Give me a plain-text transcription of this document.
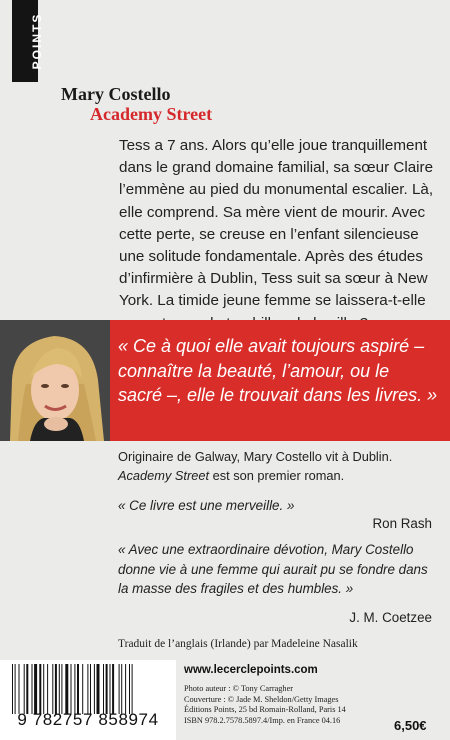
POINTS
Mary Costello
Academy Street

Tess a 7 ans. Alors qu’elle joue tranquillement dans le grand domaine familial, sa sœur Claire l’emmène au pied du monumental escalier. Là, elle comprend. Sa mère vient de mourir. Avec cette perte, se creuse en l’enfant silencieuse une solitude fondamentale. Après des études d’infirmière à Dublin, Tess suit sa sœur à New York. La timide jeune femme se laissera-t-elle

« Ce à quoi elle avait toujours aspiré – connaître la beauté, l’amour, ou le sacré –, elle le trouvait dans les livres. »

Originaire de Galway, Mary Costello vit à Dublin. Academy Street est son premier roman.

« Ce livre est une merveille. »

Ron Rash

« Avec une extraordinaire dévotion, Mary Costello donne vie à une femme qui aurait pu se fondre dans la masse des fragiles et des humbles. »

J. M. Coetzee
Traduit de l’anglais (Irlande) par Madeleine Nasalik
9 782757 858974
www.lecerclepoints.com

Photo auteur : © Tony Carragher
Couverture : © Jade M. Sheldon/Getty Images
Éditions Points, 25 bd Romain-Rolland, Paris 14
ISBN 978.2.7578.5897.4/Imp. en France 04.16	6,50€
